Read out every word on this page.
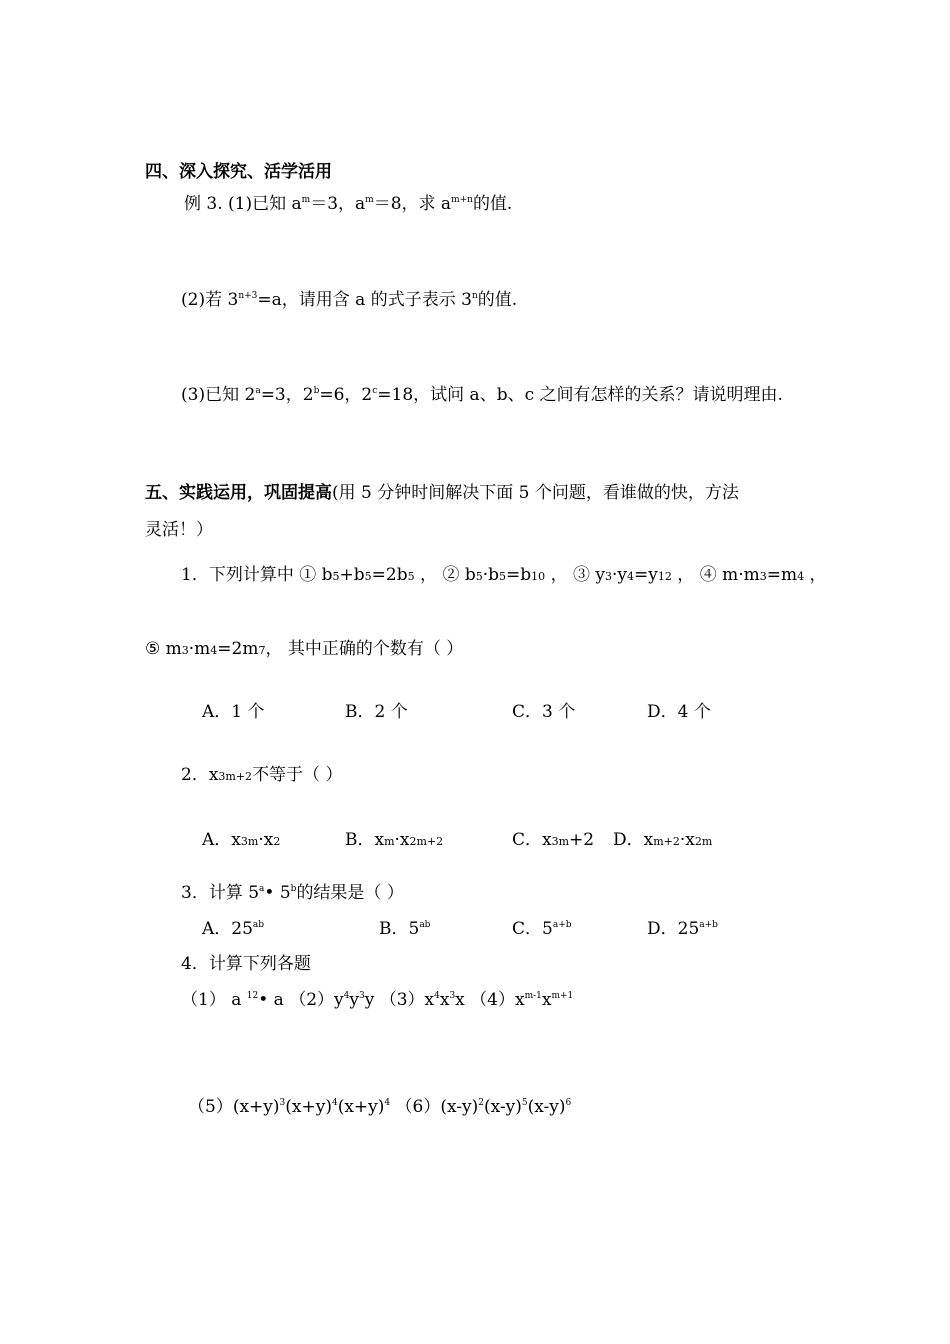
四、深入探究、活学活用
例 3. (1)已知 $a^m=3$，$a^m=8$，求 $a^{m+n}$的值.
(2)若 $3^{n+3}=a$，请用含 a 的式子表示 3$^n$的值.
(3)已知 $2^a=3$，$2^b=6$，$2^c=18$，试问 a、b、c 之间有怎样的关系？请说明理由.
五、实践运用，巩固提高(用 5 分钟时间解决下面 5 个问题，看谁做的快，方法
灵活！）
1．下列计算中 ① b5+b5=2b5 ， ② b5·b5=b10 ， ③ y3·y4=y12 ， ④ m·m3=m4 ，
⑤ m3·m4=2m7， 其中正确的个数有（ ）
A．1 个	B．2 个	C．3 个	D．4 个
2．x3m+2不等于（ ）
A．x3m·x2	B．xm·x2m+2	C．x3m+2 D．xm+2·x2m
3．计算 5$^a$• 5$^b$的结果是（ ）
A．$25^{ab}$	B．$5^{ab}$	C．$5^{a+b}$	D．$25^{a+b}$
4．计算下列各题
（1） a $^{12}$• a $(2)y^4y^3y$ $(3)x^4x^3x$ $(4)x^{m-1}x^{m+1}$
$(5)(x+y)^3(x+y)^4(x+y)^4$ $(6)(x-y)^2(x-y)^5(x-y)^6$
